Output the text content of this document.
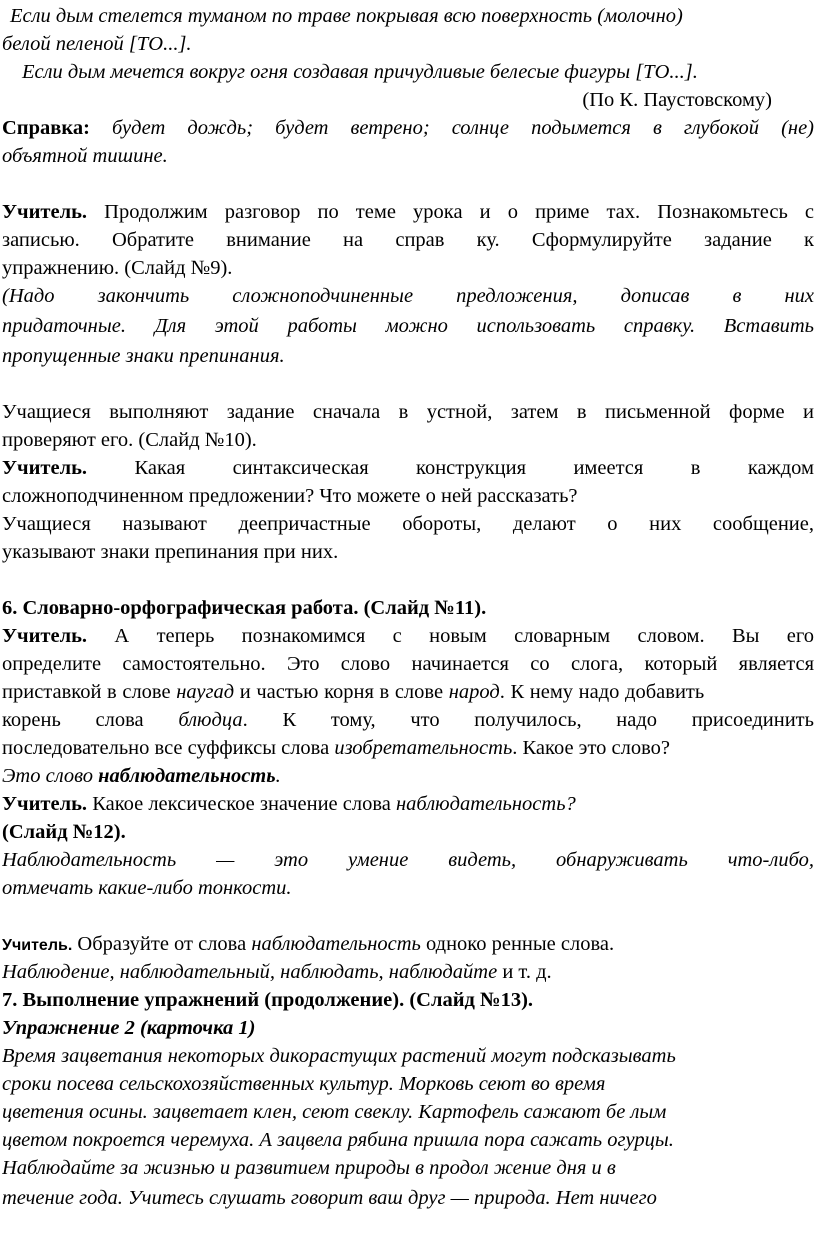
Если дым стелется туманом по траве покрывая всю поверхность (молочно)
белой пеленой [ТО...].
Если дым мечется вокруг огня создавая причудливые белесые фигуры [ТО...].
(По К. Паустовскому)
Справка: будет дождь; будет ветрено; солнце подымется в глубокой (не)
объятной тишине.
Учитель. Продолжим разговор по теме урока и о приме тах. Познакомьтесь с
записью. Обратите внимание на справ ку. Сформулируйте задание к
упражнению. (Слайд №9).
(Надо закончить сложноподчиненные предложения, дописав в них
придаточные. Для этой работы можно использовать справку. Вставить
пропущенные знаки препинания.
Учащиеся выполняют задание сначала в устной, затем в письменной форме и
проверяют его. (Слайд №10).
Учитель. Какая синтаксическая конструкция имеется в каждом
сложноподчиненном предложении? Что можете о ней рассказать?
Учащиеся называют деепричастные обороты, делают о них сообщение,
указывают знаки препинания при них.
6. Словарно-орфографическая работа. (Слайд №11).
Учитель. А теперь познакомимся с новым словарным словом. Вы его
определите самостоятельно. Это слово начинается со слога, который является
приставкой в слове наугад и частью корня в слове народ. К нему надо добавить
корень слова блюдца. К тому, что получилось, надо присоединить
последовательно все суффиксы слова изобретательность. Какое это слово?
Это слово наблюдательность.
Учитель. Какое лексическое значение слова наблюдательность?
(Слайд №12).
Наблюдательность — это умение видеть, обнаруживать что-либо,
отмечать какие-либо тонкости.
Учитель. Образуйте от слова наблюдательность одноко ренные слова.
Наблюдение, наблюдательный, наблюдать, наблюдайте и т. д.
7. Выполнение упражнений (продолжение). (Слайд №13).
Упражнение 2 (карточка 1)
Время зацветания некоторых дикорастущих растений могут подсказывать
сроки посева сельскохозяйственных культур. Морковь сеют во время
цветения осины. зацветает клен, сеют свеклу. Картофель сажают бе лым
цветом покроется черемуха. А зацвела рябина пришла пора сажать огурцы.
Наблюдайте за жизнью и развитием природы в продол жение дня и в
течение года. Учитесь слушать говорит ваш друг — природа. Нет ничего
